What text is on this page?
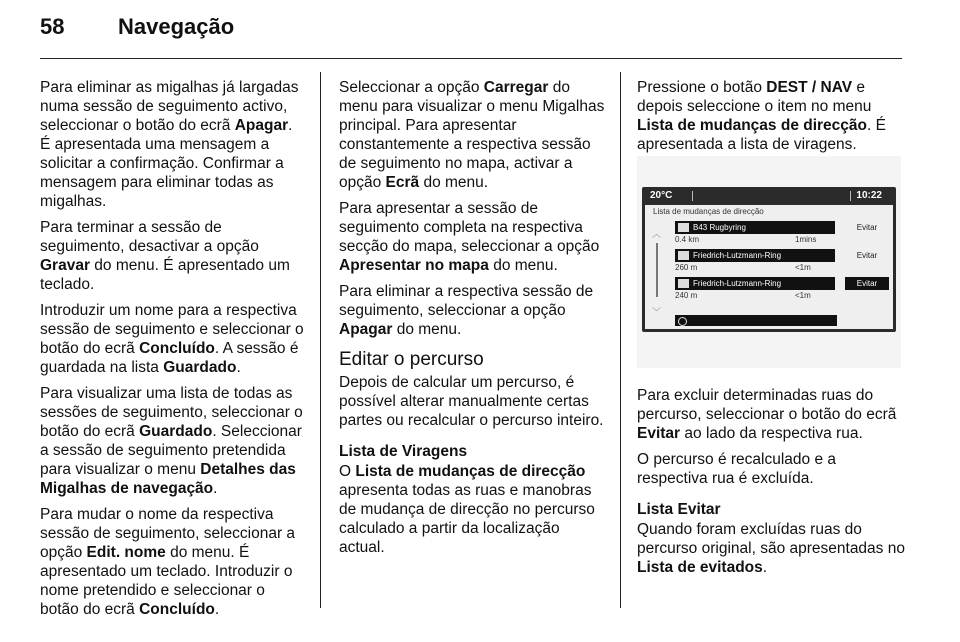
58	Navegação

Para eliminar as migalhas já largadas numa sessão de seguimento activo, seleccionar o botão do ecrã Apagar. É apresentada uma mensagem a solicitar a confirmação. Confirmar a mensagem para eliminar todas as migalhas.

Para terminar a sessão de seguimento, desactivar a opção Gravar do menu. É apresentado um teclado.

Introduzir um nome para a respectiva sessão de seguimento e seleccionar o botão do ecrã Concluído. A sessão é guardada na lista Guardado.

Para visualizar uma lista de todas as sessões de seguimento, seleccionar o botão do ecrã Guardado. Seleccionar a sessão de seguimento pretendida para visualizar o menu Detalhes das Migalhas de navegação.

Para mudar o nome da respectiva sessão de seguimento, seleccionar a opção Edit. nome do menu. É apresentado um teclado. Introduzir o nome pretendido e seleccionar o botão do ecrã Concluído.

Seleccionar a opção Carregar do menu para visualizar o menu Migalhas principal. Para apresentar constantemente a respectiva sessão de seguimento no mapa, activar a opção Ecrã do menu.

Para apresentar a sessão de seguimento completa na respectiva secção do mapa, seleccionar a opção Apresentar no mapa do menu.

Para eliminar a respectiva sessão de seguimento, seleccionar a opção Apagar do menu.

Editar o percurso

Depois de calcular um percurso, é possível alterar manualmente certas partes ou recalcular o percurso inteiro.

Lista de Viragens

O Lista de mudanças de direcção apresenta todas as ruas e manobras de mudança de direcção no percurso calculado a partir da localização actual.

Pressione o botão DEST / NAV e depois seleccione o item no menu Lista de mudanças de direcção. É apresentada a lista de viragens.

Para excluir determinadas ruas do percurso, seleccionar o botão do ecrã Evitar ao lado da respectiva rua.

O percurso é recalculado e a respectiva rua é excluída.

Lista Evitar

Quando foram excluídas ruas do percurso original, são apresentadas no Lista de evitados.

20°C	10:22
Lista de mudanças de direcção
︿
﹀
B43 Rugbyring
0.4 km	1mins
Evitar
Friedrich-Lutzmann-Ring
260 m	<1m
Evitar
Friedrich-Lutzmann-Ring
240 m	<1m
Evitar
